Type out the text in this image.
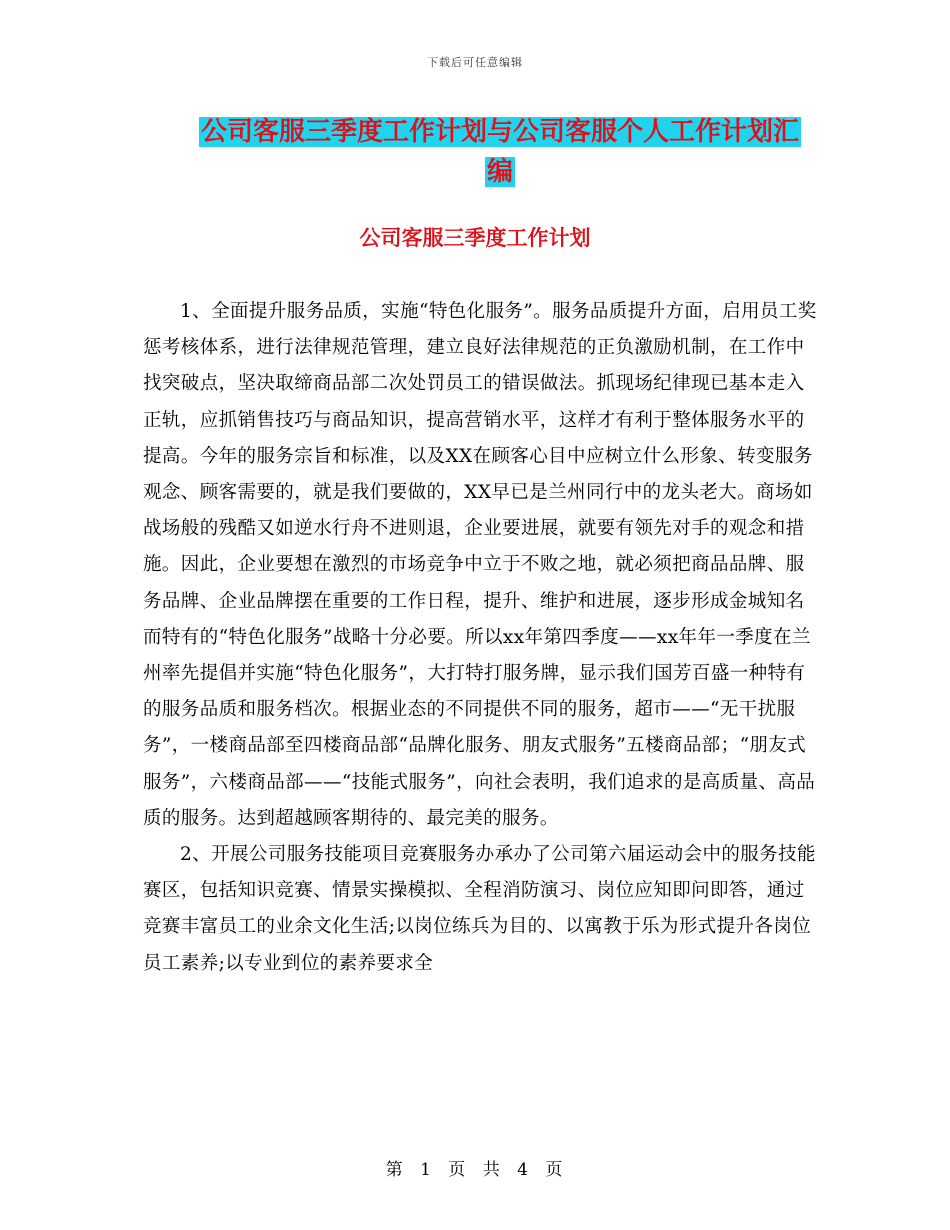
下载后可任意编辑
公司客服三季度工作计划与公司客服个人工作计划汇
编
公司客服三季度工作计划

1、全面提升服务品质，实施“特色化服务”。服务品质提升方面，启用员工奖惩考核体系，进行法律规范管理，建立良好法律规范的正负激励机制，在工作中找突破点，坚决取缔商品部二次处罚员工的错误做法。抓现场纪律现已基本走入正轨，应抓销售技巧与商品知识，提高营销水平，这样才有利于整体服务水平的提高。今年的服务宗旨和标准，以及XX在顾客心目中应树立什么形象、转变服务观念、顾客需要的，就是我们要做的，XX早已是兰州同行中的龙头老大。商场如战场般的残酷又如逆水行舟不进则退，企业要进展，就要有领先对手的观念和措施。因此，企业要想在激烈的市场竞争中立于不败之地，就必须把商品品牌、服务品牌、企业品牌摆在重要的工作日程，提升、维护和进展，逐步形成金城知名而特有的“特色化服务”战略十分必要。所以xx年第四季度——xx年年一季度在兰州率先提倡并实施“特色化服务”，大打特打服务牌，显示我们国芳百盛一种特有的服务品质和服务档次。根据业态的不同提供不同的服务，超市——“无干扰服务”，一楼商品部至四楼商品部“品牌化服务、朋友式服务”五楼商品部；“朋友式服务”，六楼商品部——“技能式服务”，向社会表明，我们追求的是高质量、高品质的服务。达到超越顾客期待的、最完美的服务。

2、开展公司服务技能项目竞赛服务办承办了公司第六届运动会中的服务技能赛区，包括知识竞赛、情景实操模拟、全程消防演习、岗位应知即问即答，通过竞赛丰富员工的业余文化生活;以岗位练兵为目的、以寓教于乐为形式提升各岗位员工素养;以专业到位的素养要求全

第 1 页 共 4 页
